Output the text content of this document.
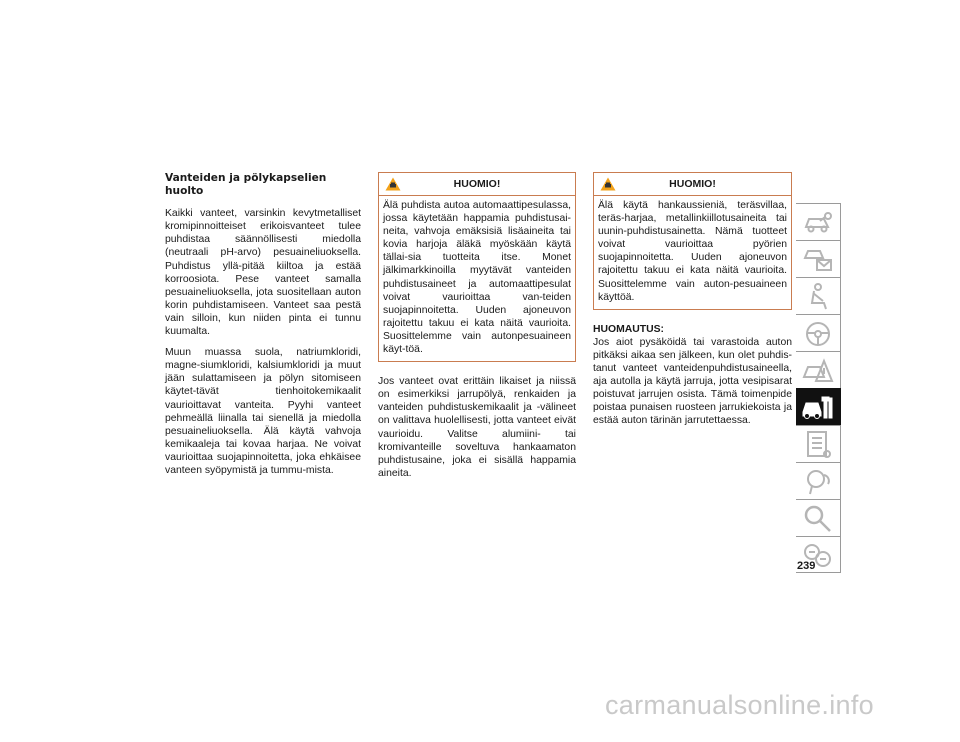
Vanteiden ja pölykapselien huolto

Kaikki vanteet, varsinkin kevytmetalliset kromipinnoitteiset erikoisvanteet tulee puhdistaa säännöllisesti miedolla (neutraali pH-arvo) pesuaineliuoksella. Puhdistus yllä-pitää kiiltoa ja estää korroosiota. Pese vanteet samalla pesuaineliuoksella, jota suositellaan auton korin puhdistamiseen. Vanteet saa pestä vain silloin, kun niiden pinta ei tunnu kuumalta.

Muun muassa suola, natriumkloridi, magne-siumkloridi, kalsiumkloridi ja muut jään sulattamiseen ja pölyn sitomiseen käytet-tävät tienhoitokemikaalit vaurioittavat vanteita. Pyyhi vanteet pehmeällä liinalla tai sienellä ja miedolla pesuaineliuoksella. Älä käytä vahvoja kemikaaleja tai kovaa harjaa. Ne voivat vaurioittaa suojapinnoitetta, joka ehkäisee vanteen syöpymistä ja tummu-mista.

HUOMIO!
Älä puhdista autoa automaattipesulassa, jossa käytetään happamia puhdistusai-neita, vahvoja emäksisiä lisäaineita tai kovia harjoja äläkä myöskään käytä tällai-sia tuotteita itse. Monet jälkimarkkinoilla myytävät vanteiden puhdistusaineet ja automaattipesulat voivat vaurioittaa van-teiden suojapinnoitetta. Uuden ajoneuvon rajoitettu takuu ei kata näitä vaurioita. Suosittelemme vain autonpesuaineen käyt-töä.

Jos vanteet ovat erittäin likaiset ja niissä on esimerkiksi jarrupölyä, renkaiden ja vanteiden puhdistuskemikaalit ja -välineet on valittava huolellisesti, jotta vanteet eivät vaurioidu. Valitse alumiini- tai kromivanteille soveltuva hankaamaton puhdistusaine, joka ei sisällä happamia aineita.

HUOMIO!
Älä käytä hankaussieniä, teräsvillaa, teräs-harjaa, metallinkiillotusaineita tai uunin-puhdistusainetta. Nämä tuotteet voivat vaurioittaa pyörien suojapinnoitetta. Uuden ajoneuvon rajoitettu takuu ei kata näitä vaurioita. Suosittelemme vain auton-pesuaineen käyttöä.

HUOMAUTUS:
Jos aiot pysäköidä tai varastoida auton pitkäksi aikaa sen jälkeen, kun olet puhdis-tanut vanteet vanteidenpuhdistusaineella, aja autolla ja käytä jarruja, jotta vesipisarat poistuvat jarrujen osista. Tämä toimenpide poistaa punaisen ruosteen jarrukiekoista ja estää auton tärinän jarrutettaessa.

239
carmanualsonline.info
